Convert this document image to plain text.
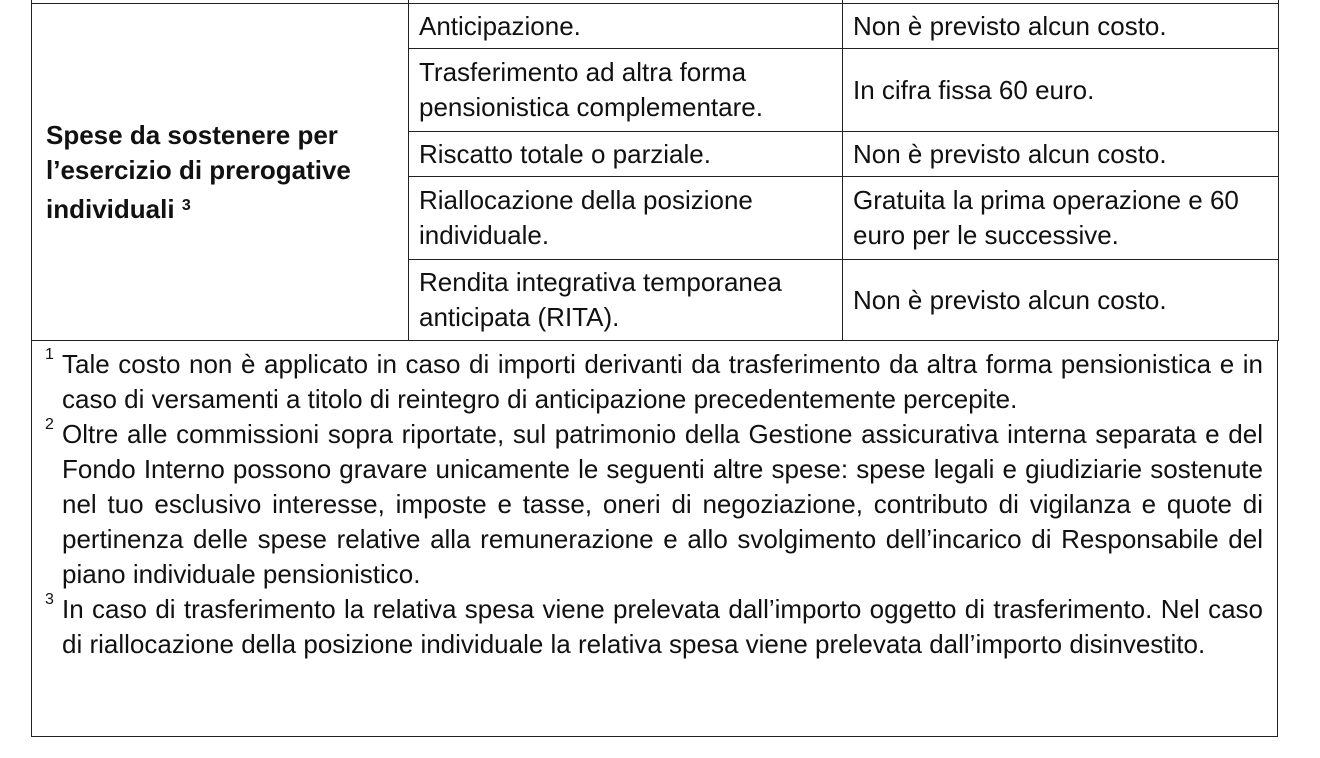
Spese da sostenere per l’esercizio di prerogative individuali $^3$	Anticipazione.	Non è previsto alcun costo.
	Trasferimento ad altra forma pensionistica complementare.	In cifra fissa 60 euro.
	Riscatto totale o parziale.	Non è previsto alcun costo.
	Riallocazione della posizione individuale.	Gratuita la prima operazione e 60 euro per le successive.
	Rendita integrativa temporanea anticipata (RITA).	Non è previsto alcun costo.
1 Tale costo non è applicato in caso di importi derivanti da trasferimento da altra forma pensionistica e in caso di versamenti a titolo di reintegro di anticipazione precedentemente percepite.
2 Oltre alle commissioni sopra riportate, sul patrimonio della Gestione assicurativa interna separata e del Fondo Interno possono gravare unicamente le seguenti altre spese: spese legali e giudiziarie sostenute nel tuo esclusivo interesse, imposte e tasse, oneri di negoziazione, contributo di vigilanza e quote di pertinenza delle spese relative alla remunerazione e allo svolgimento dell’incarico di Responsabile del piano individuale pensionistico.
3 In caso di trasferimento la relativa spesa viene prelevata dall’importo oggetto di trasferimento. Nel caso di riallocazione della posizione individuale la relativa spesa viene prelevata dall’importo disinvestito.
